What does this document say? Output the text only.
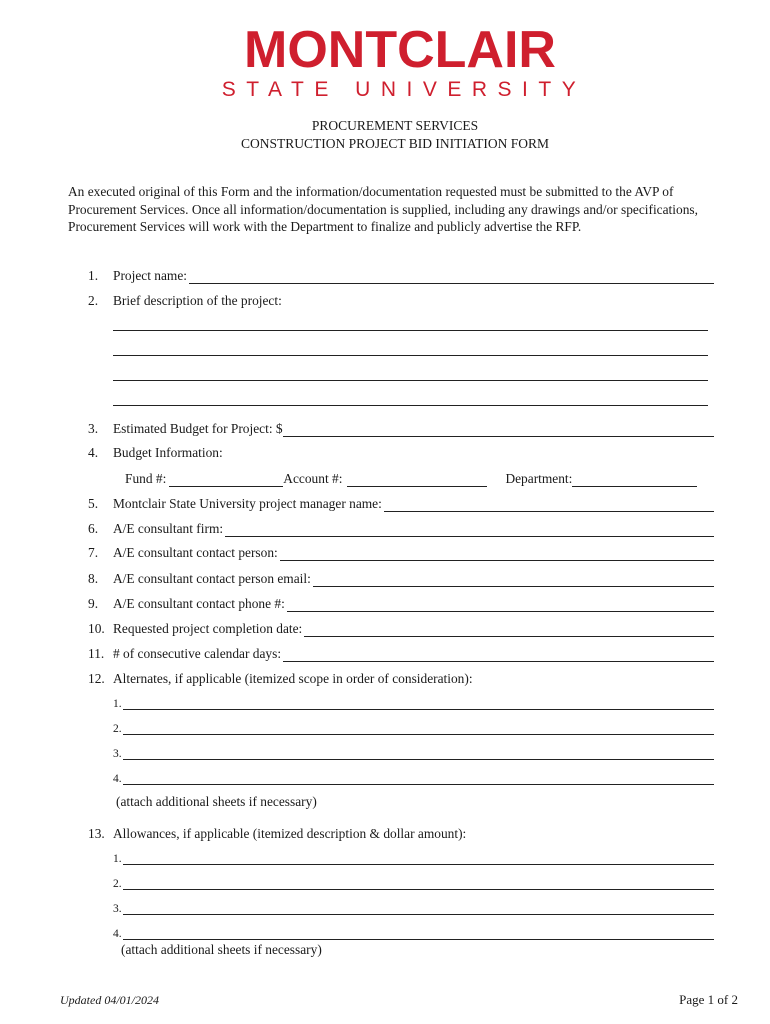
MONTCLAIR
STATE UNIVERSITY
PROCUREMENT SERVICES
CONSTRUCTION PROJECT BID INITIATION FORM
An executed original of this Form and the information/documentation requested must be submitted to the AVP of Procurement Services. Once all information/documentation is supplied, including any drawings and/or specifications, Procurement Services will work with the Department to finalize and publicly advertise the RFP.
1.	Project name:
2.	Brief description of the project:
3.	Estimated Budget for Project: $
4.	Budget Information:
Fund #:	Account #:	Department:
5.	Montclair State University project manager name:
6.	A/E consultant firm:
7.	A/E consultant contact person:
8.	A/E consultant contact person email:
9.	A/E consultant contact phone #:
10. Requested project completion date:
11. # of consecutive calendar days:
12. Alternates, if applicable (itemized scope in order of consideration):
1.
2.
3.
4.
(attach additional sheets if necessary)
13. Allowances, if applicable (itemized description & dollar amount):
1.
2.
3.
4.
(attach additional sheets if necessary)
Updated 04/01/2024	Page 1 of 2
